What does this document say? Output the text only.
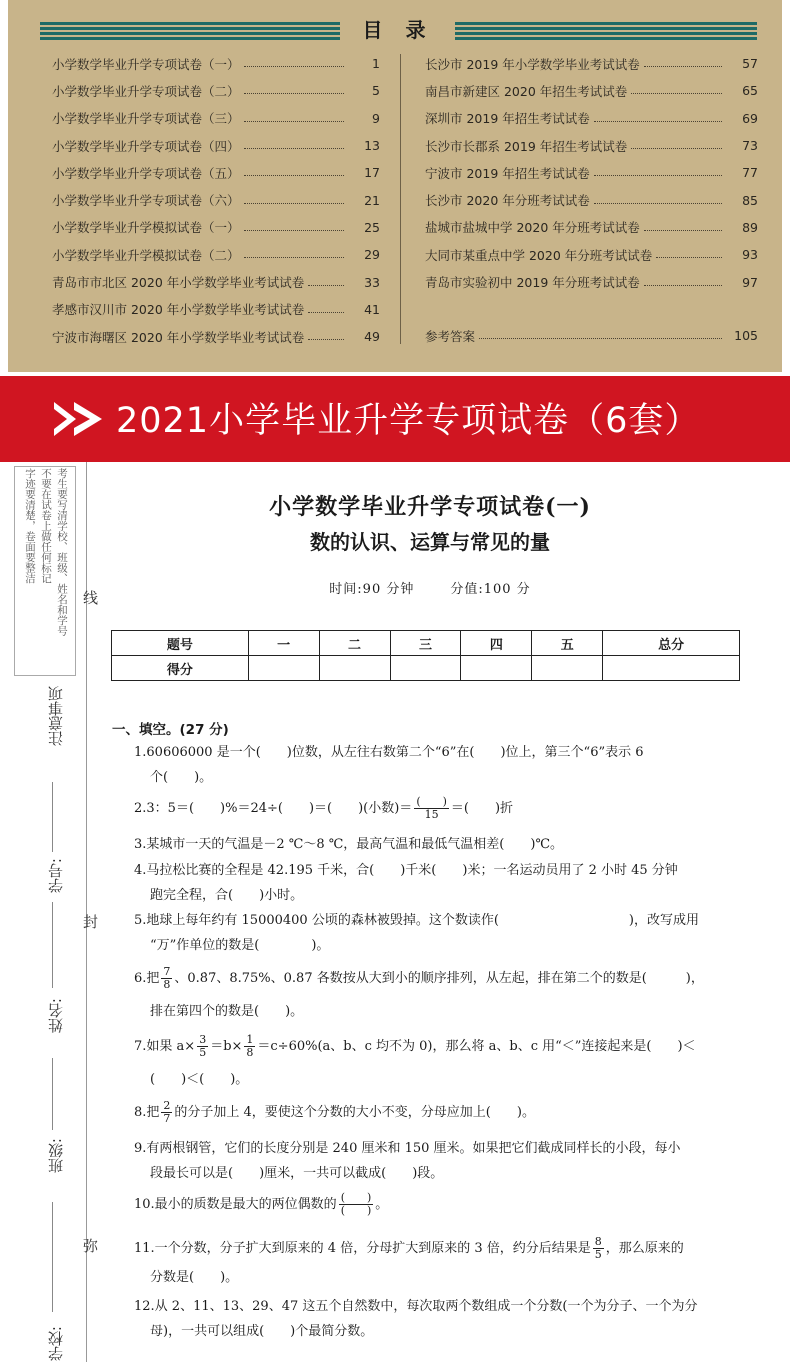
目 录
小学数学毕业升学专项试卷（一）	1
小学数学毕业升学专项试卷（二）	5
小学数学毕业升学专项试卷（三）	9
小学数学毕业升学专项试卷（四）	13
小学数学毕业升学专项试卷（五）	17
小学数学毕业升学专项试卷（六）	21
小学数学毕业升学模拟试卷（一）	25
小学数学毕业升学模拟试卷（二）	29
青岛市市北区 2020 年小学数学毕业考试试卷	33
孝感市汉川市 2020 年小学数学毕业考试试卷	41
宁波市海曙区 2020 年小学数学毕业考试试卷	49
长沙市 2019 年小学数学毕业考试试卷	57
南昌市新建区 2020 年招生考试试卷	65
深圳市 2019 年招生考试试卷	69
长沙市长郡系 2019 年招生考试试卷	73
宁波市 2019 年招生考试试卷	77
长沙市 2020 年分班考试试卷	85
盐城市盐城中学 2020 年分班考试试卷	89
大同市某重点中学 2020 年分班考试试卷	93
青岛市实验初中 2019 年分班考试试卷	97
参考答案	105
2021小学毕业升学专项试卷（6套）
考生要写清学校、班级、姓名和学号
不要在试卷上做任何标记
字迹要清楚，卷面要整洁
注意事项
学号:
姓名:
班级:
学校:
线
封
弥
小学数学毕业升学专项试卷(一)
数的认识、运算与常见的量
时间:90 分钟	分值:100 分
题号	一	二	三	四	五	总分
得分						
一、填空。(27 分)
1.60606000 是一个(　　)位数，从左往右数第二个“6”在(　　)位上，第三个“6”表示 6
个(　　)。
2.3：5＝(　　)%＝24÷(　　)＝(　　)(小数)＝ $\frac{( )}{15}$ ＝(　　)折
3.某城市一天的气温是－2 ℃～8 ℃，最高气温和最低气温相差(　　)℃。
4.马拉松比赛的全程是 42.195 千米，合(　　)千米(　　)米；一名运动员用了 2 小时 45 分钟
跑完全程，合(　　)小时。
5.地球上每年约有 15000400 公顷的森林被毁掉。这个数读作(　　　　　　　　　　)，改写成用
“万”作单位的数是(　　　　)。
6.把 $\frac{7}{8}$ 、0.8̇7̇、8.75%、0.87̇ 各数按从大到小的顺序排列，从左起，排在第二个的数是(　　　)，
排在第四个的数是(　　)。
7.如果 $a\times \frac{3}{5} =b\times \frac{1}{8} =c\div 60\%(a$、b、c 均不为 0)，那么将 a、b、c 用“＜”连接起来是(　　)＜
(　　)＜(　　)。
8.把 $\frac{2}{7}$ 的分子加上 4，要使这个分数的大小不变，分母应加上(　　)。
9.有两根钢管，它们的长度分别是 240 厘米和 150 厘米。如果把它们截成同样长的小段，每小
段最长可以是(　　)厘米，一共可以截成(　　)段。
10.最小的质数是最大的两位偶数的 $\frac{( )}{( )}$ 。
11.一个分数，分子扩大到原来的 4 倍，分母扩大到原来的 3 倍，约分后结果是 $\frac{8}{5}$ ，那么原来的
分数是(　　)。
12.从 2、11、13、29、47 这五个自然数中，每次取两个数组成一个分数(一个为分子、一个为分
母)，一共可以组成(　　)个最简分数。
